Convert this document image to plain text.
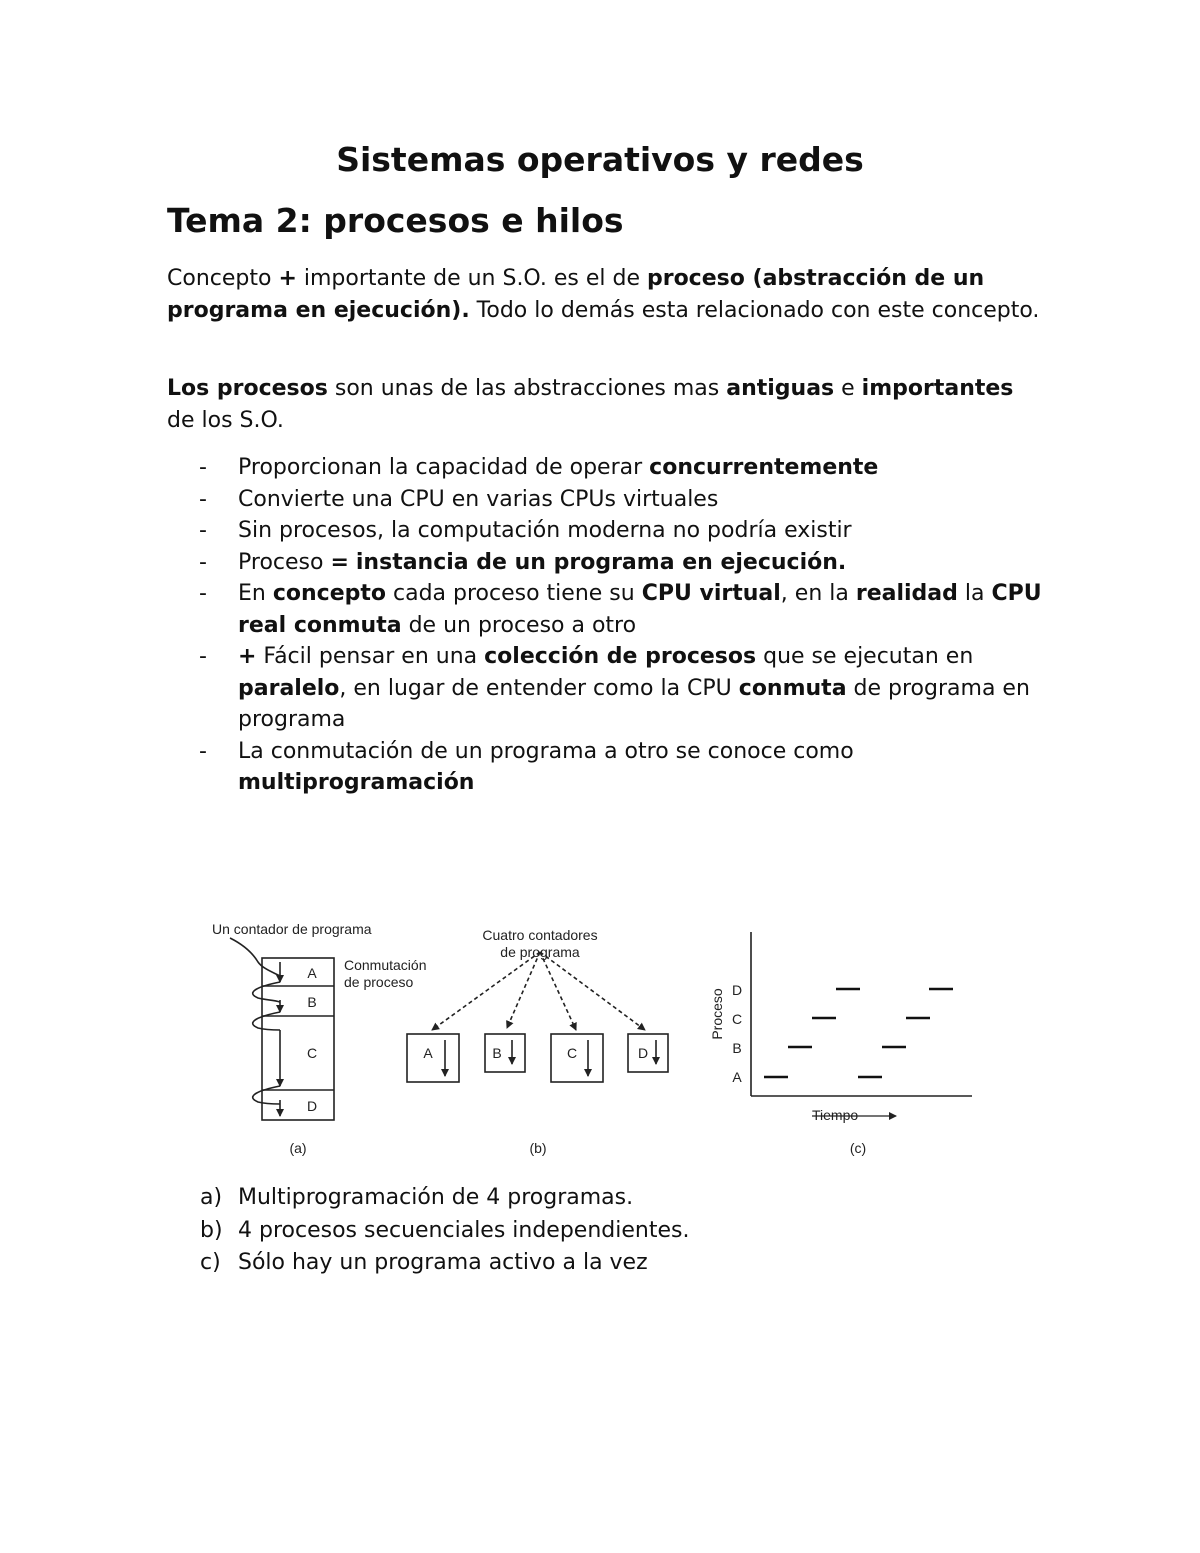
Sistemas operativos y redes
Tema 2: procesos e hilos
Concepto + importante de un S.O. es el de proceso (abstracción de un programa en ejecución). Todo lo demás esta relacionado con este concepto.
Los procesos son unas de las abstracciones mas antiguas e importantes de los S.O.
- Proporcionan la capacidad de operar concurrentemente
- Convierte una CPU en varias CPUs virtuales
- Sin procesos, la computación moderna no podría existir
- Proceso = instancia de un programa en ejecución.
- En concepto cada proceso tiene su CPU virtual, en la realidad la CPU real conmuta de un proceso a otro
- + Fácil pensar en una colección de procesos que se ejecutan en paralelo, en lugar de entender como la CPU conmuta de programa en programa
- La conmutación de un programa a otro se conoce como multiprogramación
Un contador de programa
Conmutación
de proceso
A
B
C
D
(a)
Cuatro contadores
de programa
A	B	C	D
(b)
Proceso
A
B
C
D
Tiempo
(c)
a) Multiprogramación de 4 programas.
b) 4 procesos secuenciales independientes.
c) Sólo hay un programa activo a la vez
